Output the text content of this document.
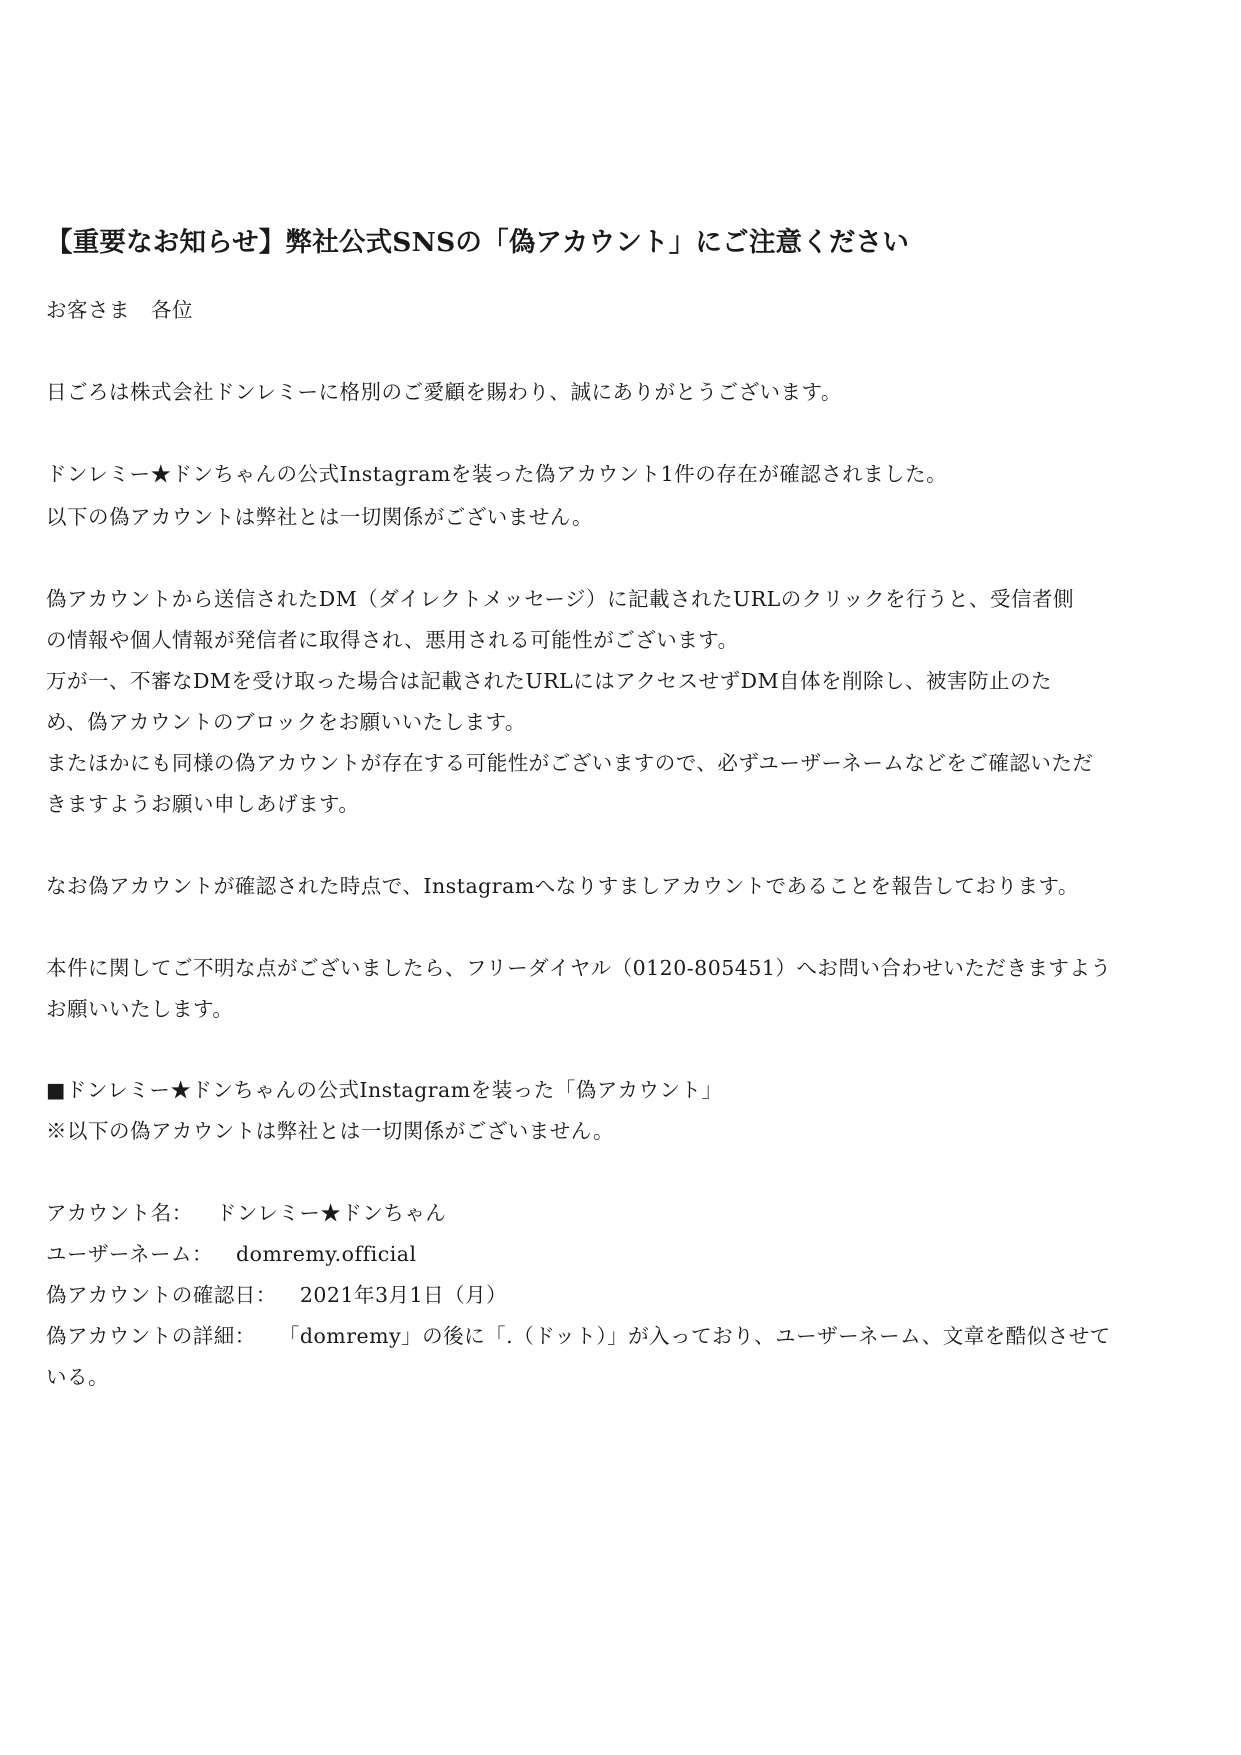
【重要なお知らせ】弊社公式SNSの「偽アカウント」にご注意ください

お客さま　各位

日ごろは株式会社ドンレミーに格別のご愛顧を賜わり、誠にありがとうございます。

ドンレミー★ドンちゃんの公式Instagramを装った偽アカウント1件の存在が確認されました。

以下の偽アカウントは弊社とは一切関係がございません。

偽アカウントから送信されたDM（ダイレクトメッセージ）に記載されたURLのクリックを行うと、受信者側

の情報や個人情報が発信者に取得され、悪用される可能性がございます。

万が一、不審なDMを受け取った場合は記載されたURLにはアクセスせずDM自体を削除し、被害防止のた

め、偽アカウントのブロックをお願いいたします。

またほかにも同様の偽アカウントが存在する可能性がございますので、必ずユーザーネームなどをご確認いただ

きますようお願い申しあげます。

なお偽アカウントが確認された時点で、Instagramへなりすましアカウントであることを報告しております。

本件に関してご不明な点がございましたら、フリーダイヤル（0120-805451）へお問い合わせいただきますよう

お願いいたします。

■ドンレミー★ドンちゃんの公式Instagramを装った「偽アカウント」

※以下の偽アカウントは弊社とは一切関係がございません。

アカウント名： ドンレミー★ドンちゃん

ユーザーネーム： domremy.official

偽アカウントの確認日： 2021年3月1日（月）

偽アカウントの詳細： 「domremy」の後に「.（ドット）」が入っており、ユーザーネーム、文章を酷似させて

いる。
